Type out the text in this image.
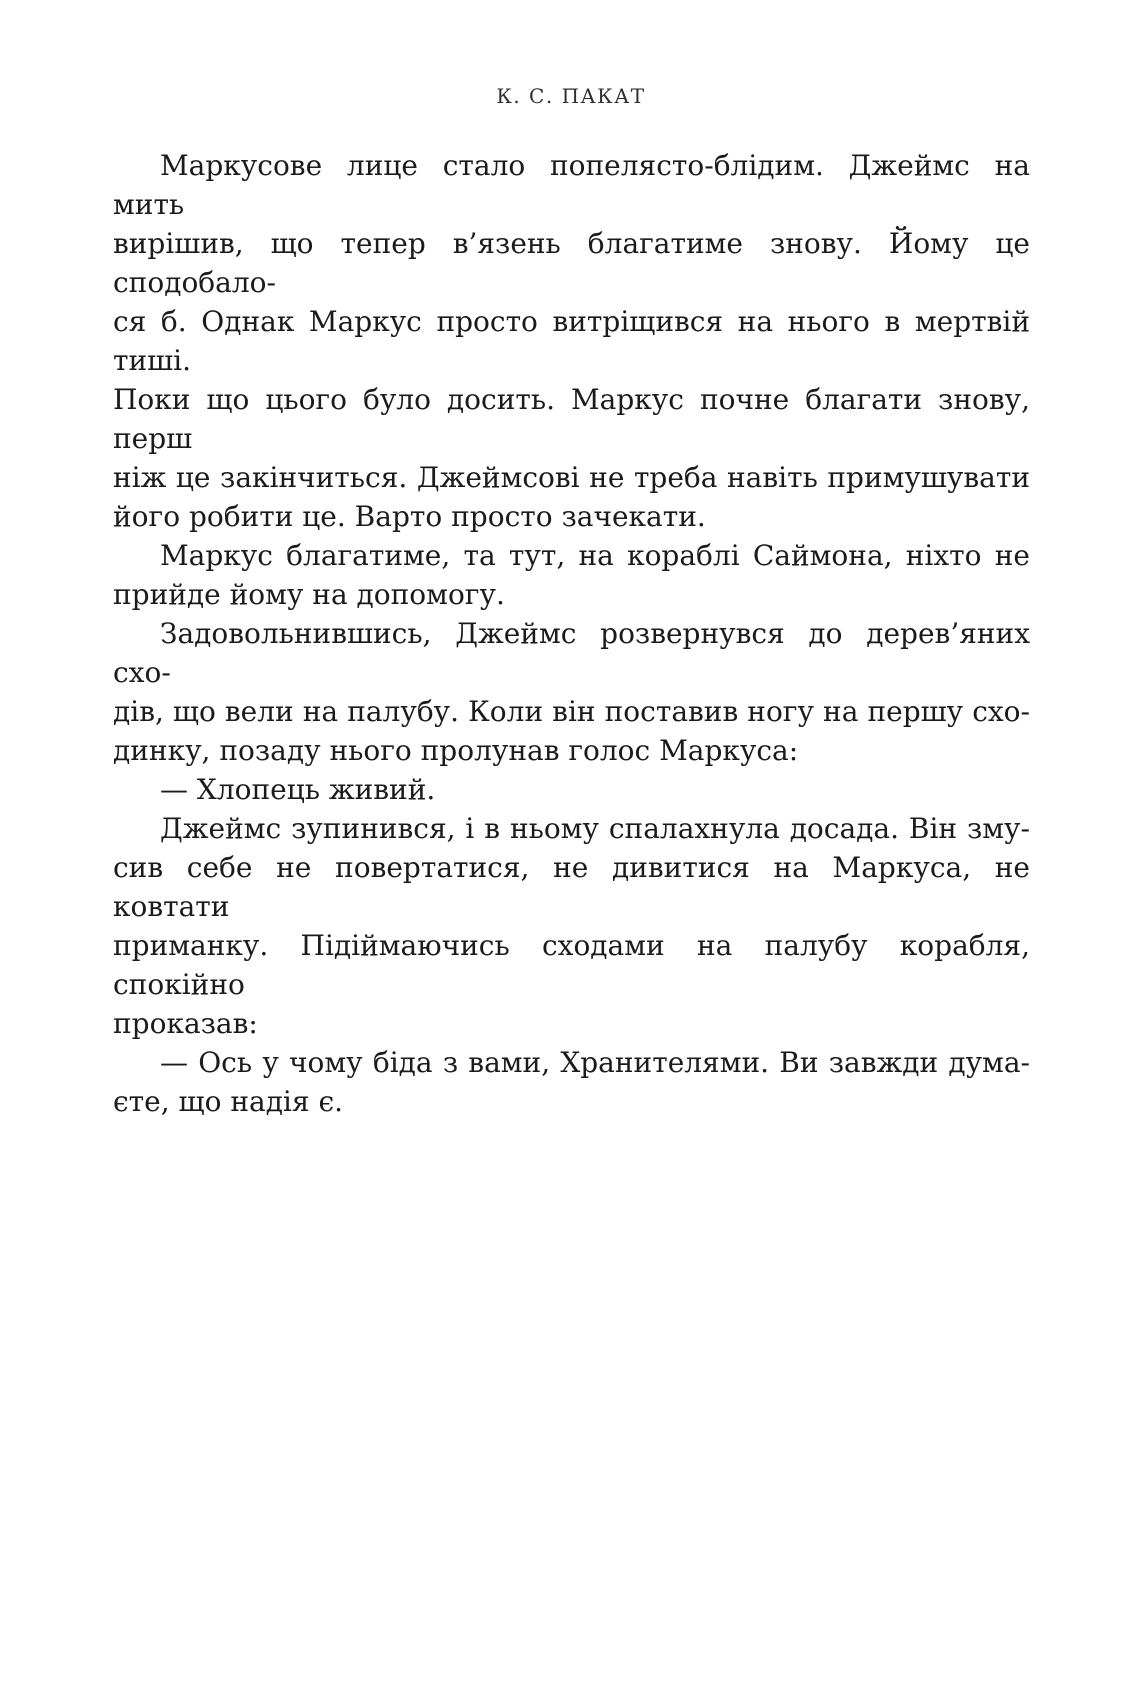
К. С. ПАКАТ
Маркусове лице стало попелясто-блідим. Джеймс на мить
вирішив, що тепер в’язень благатиме знову. Йому це сподобало-
ся б. Однак Маркус просто витріщився на нього в мертвій тиші.
Поки що цього було досить. Маркус почне благати знову, перш
ніж це закінчиться. Джеймсові не треба навіть примушувати
його робити це. Варто просто зачекати.
Маркус благатиме, та тут, на кораблі Саймона, ніхто не
прийде йому на допомогу.
Задовольнившись, Джеймс розвернувся до дерев’яних схо-
дів, що вели на палубу. Коли він поставив ногу на першу схо-
динку, позаду нього пролунав голос Маркуса:
— Хлопець живий.
Джеймс зупинився, і в ньому спалахнула досада. Він зму-
сив себе не повертатися, не дивитися на Маркуса, не ковтати
приманку. Підіймаючись сходами на палубу корабля, спокійно
проказав:
— Ось у чому біда з вами, Хранителями. Ви завжди дума-
єте, що надія є.
